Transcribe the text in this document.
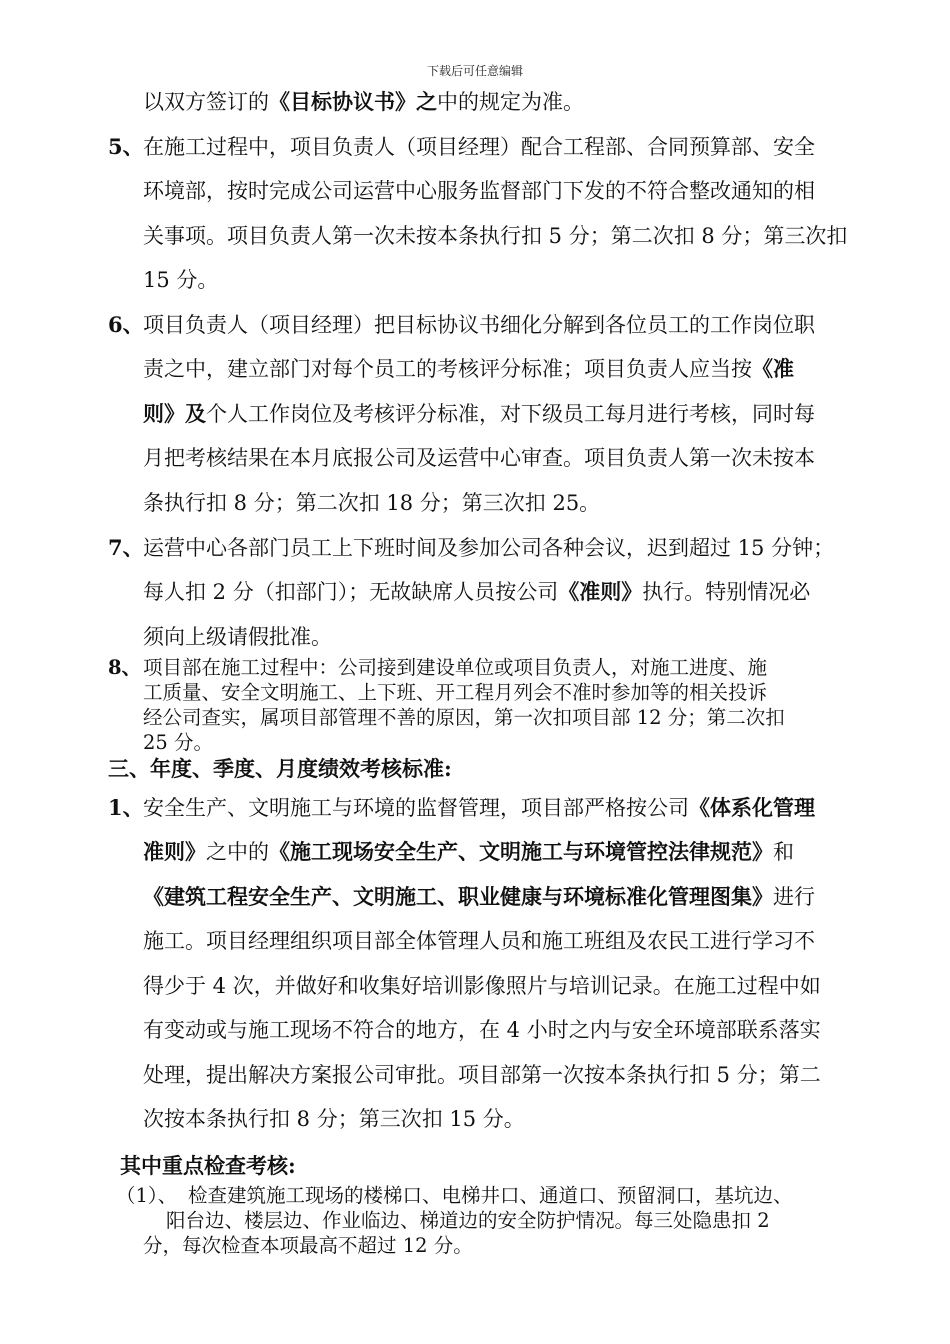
下载后可任意编辑
以双方签订的《目标协议书》之中的规定为准。
5、 在施工过程中，项目负责人（项目经理）配合工程部、合同预算部、安全
环境部，按时完成公司运营中心服务监督部门下发的不符合整改通知的相
关事项。项目负责人第一次未按本条执行扣 5 分；第二次扣 8 分；第三次扣
15 分。
6、 项目负责人（项目经理）把目标协议书细化分解到各位员工的工作岗位职
责之中，建立部门对每个员工的考核评分标准；项目负责人应当按《准
则》及个人工作岗位及考核评分标准，对下级员工每月进行考核，同时每
月把考核结果在本月底报公司及运营中心审查。项目负责人第一次未按本
条执行扣 8 分；第二次扣 18 分；第三次扣 25。
7、 运营中心各部门员工上下班时间及参加公司各种会议，迟到超过 15 分钟；
每人扣 2 分（扣部门）；无故缺席人员按公司《准则》执行。特别情况必
须向上级请假批准。
8、 项目部在施工过程中：公司接到建设单位或项目负责人，对施工进度、施
工质量、安全文明施工、上下班、开工程月列会不准时参加等的相关投诉
经公司查实，属项目部管理不善的原因，第一次扣项目部 12 分；第二次扣
25 分。
三、年度、季度、月度绩效考核标准:
1、 安全生产、文明施工与环境的监督管理，项目部严格按公司《体系化管理
准则》之中的《施工现场安全生产、文明施工与环境管控法律规范》和
《建筑工程安全生产、文明施工、职业健康与环境标准化管理图集》进行
施工。项目经理组织项目部全体管理人员和施工班组及农民工进行学习不
得少于 4 次，并做好和收集好培训影像照片与培训记录。在施工过程中如
有变动或与施工现场不符合的地方，在 4 小时之内与安全环境部联系落实
处理，提出解决方案报公司审批。项目部第一次按本条执行扣 5 分；第二
次按本条执行扣 8 分；第三次扣 15 分。
其中重点检查考核:
（1）、 检查建筑施工现场的楼梯口、电梯井口、通道口、预留洞口，基坑边、
阳台边、楼层边、作业临边、梯道边的安全防护情况。每三处隐患扣 2
分，每次检查本项最高不超过 12 分。
